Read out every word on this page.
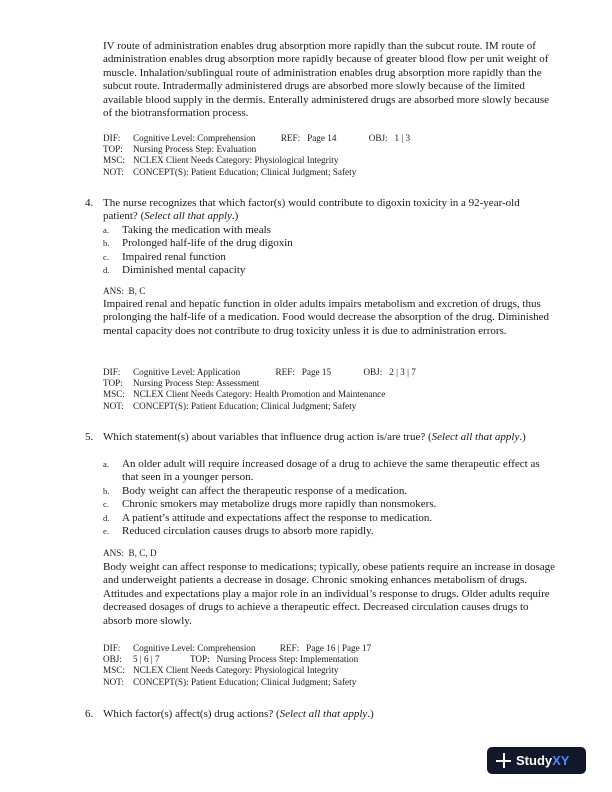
IV route of administration enables drug absorption more rapidly than the subcut route. IM route of administration enables drug absorption more rapidly because of greater blood flow per unit weight of muscle. Inhalation/sublingual route of administration enables drug absorption more rapidly than the subcut route. Intradermally administered drugs are absorbed more slowly because of the limited available blood supply in the dermis. Enterally administered drugs are absorbed more slowly because of the biotransformation process.
DIF: Cognitive Level: Comprehension	REF: Page 14	OBJ: 1 | 3
TOP: Nursing Process Step: Evaluation
MSC: NCLEX Client Needs Category: Physiological Integrity
NOT: CONCEPT(S): Patient Education; Clinical Judgment; Safety
4. The nurse recognizes that which factor(s) would contribute to digoxin toxicity in a 92-year-old patient? (Select all that apply.)
a. Taking the medication with meals
b. Prolonged half-life of the drug digoxin
c. Impaired renal function
d. Diminished mental capacity
ANS: B, C
Impaired renal and hepatic function in older adults impairs metabolism and excretion of drugs, thus prolonging the half-life of a medication. Food would decrease the absorption of the drug. Diminished mental capacity does not contribute to drug toxicity unless it is due to administration errors.
DIF: Cognitive Level: Application	REF: Page 15	OBJ: 2 | 3 | 7
TOP: Nursing Process Step: Assessment
MSC: NCLEX Client Needs Category: Health Promotion and Maintenance
NOT: CONCEPT(S): Patient Education; Clinical Judgment; Safety
5. Which statement(s) about variables that influence drug action is/are true? (Select all that apply.)
a. An older adult will require increased dosage of a drug to achieve the same therapeutic effect as that seen in a younger person.
b. Body weight can affect the therapeutic response of a medication.
c. Chronic smokers may metabolize drugs more rapidly than nonsmokers.
d. A patient’s attitude and expectations affect the response to medication.
e. Reduced circulation causes drugs to absorb more rapidly.
ANS: B, C, D
Body weight can affect response to medications; typically, obese patients require an increase in dosage and underweight patients a decrease in dosage. Chronic smoking enhances metabolism of drugs. Attitudes and expectations play a major role in an individual’s response to drugs. Older adults require decreased dosages of drugs to achieve a therapeutic effect. Decreased circulation causes drugs to absorb more slowly.
DIF: Cognitive Level: Comprehension	REF: Page 16 | Page 17
OBJ: 5 | 6 | 7	TOP: Nursing Process Step: Implementation
MSC: NCLEX Client Needs Category: Physiological Integrity
NOT: CONCEPT(S): Patient Education; Clinical Judgment; Safety
6. Which factor(s) affect(s) drug actions? (Select all that apply.)
StudyXY
